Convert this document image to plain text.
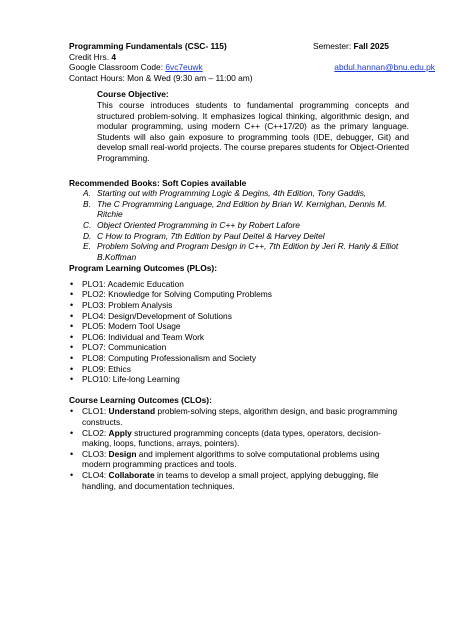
Programming Fundamentals (CSC- 115)	Semester: Fall 2025
Credit Hrs. 4
Google Classroom Code: 6vc7euwk	abdul.hannan@bnu.edu.pk
Contact Hours: Mon & Wed (9:30 am – 11:00 am)
Course Objective:

This course introduces students to fundamental programming concepts and structured problem-solving. It emphasizes logical thinking, algorithmic design, and modular programming, using modern C++ (C++17/20) as the primary language. Students will also gain exposure to programming tools (IDE, debugger, Git) and develop small real-world projects. The course prepares students for Object-Oriented Programming.

Recommended Books: Soft Copies available
A. Starting out with Programming Logic & Degins, 4th Edition, Tony Gaddis,
B. The C Programming Language, 2nd Edition by Brian W. Kernighan, Dennis M. Ritchie
C. Object Oriented Programming in C++ by Robert Lafore
D. C How to Program, 7th Edition by Paul Deitel & Harvey Deitel
E. Problem Solving and Program Design in C++, 7th Edition by Jeri R. Hanly & Elliot B.Koffman
Program Learning Outcomes (PLOs):
•	PLO1: Academic Education
•	PLO2: Knowledge for Solving Computing Problems
•	PLO3: Problem Analysis
•	PLO4: Design/Development of Solutions
•	PLO5: Modern Tool Usage
•	PLO6: Individual and Team Work
•	PLO7: Communication
•	PLO8: Computing Professionalism and Society
•	PLO9: Ethics
•	PLO10: Life-long Learning
Course Learning Outcomes (CLOs):
•	CLO1: Understand problem-solving steps, algorithm design, and basic programming constructs.
•	CLO2: Apply structured programming concepts (data types, operators, decision-making, loops, functions, arrays, pointers).
•	CLO3: Design and implement algorithms to solve computational problems using modern programming practices and tools.
•	CLO4: Collaborate in teams to develop a small project, applying debugging, file handling, and documentation techniques.
